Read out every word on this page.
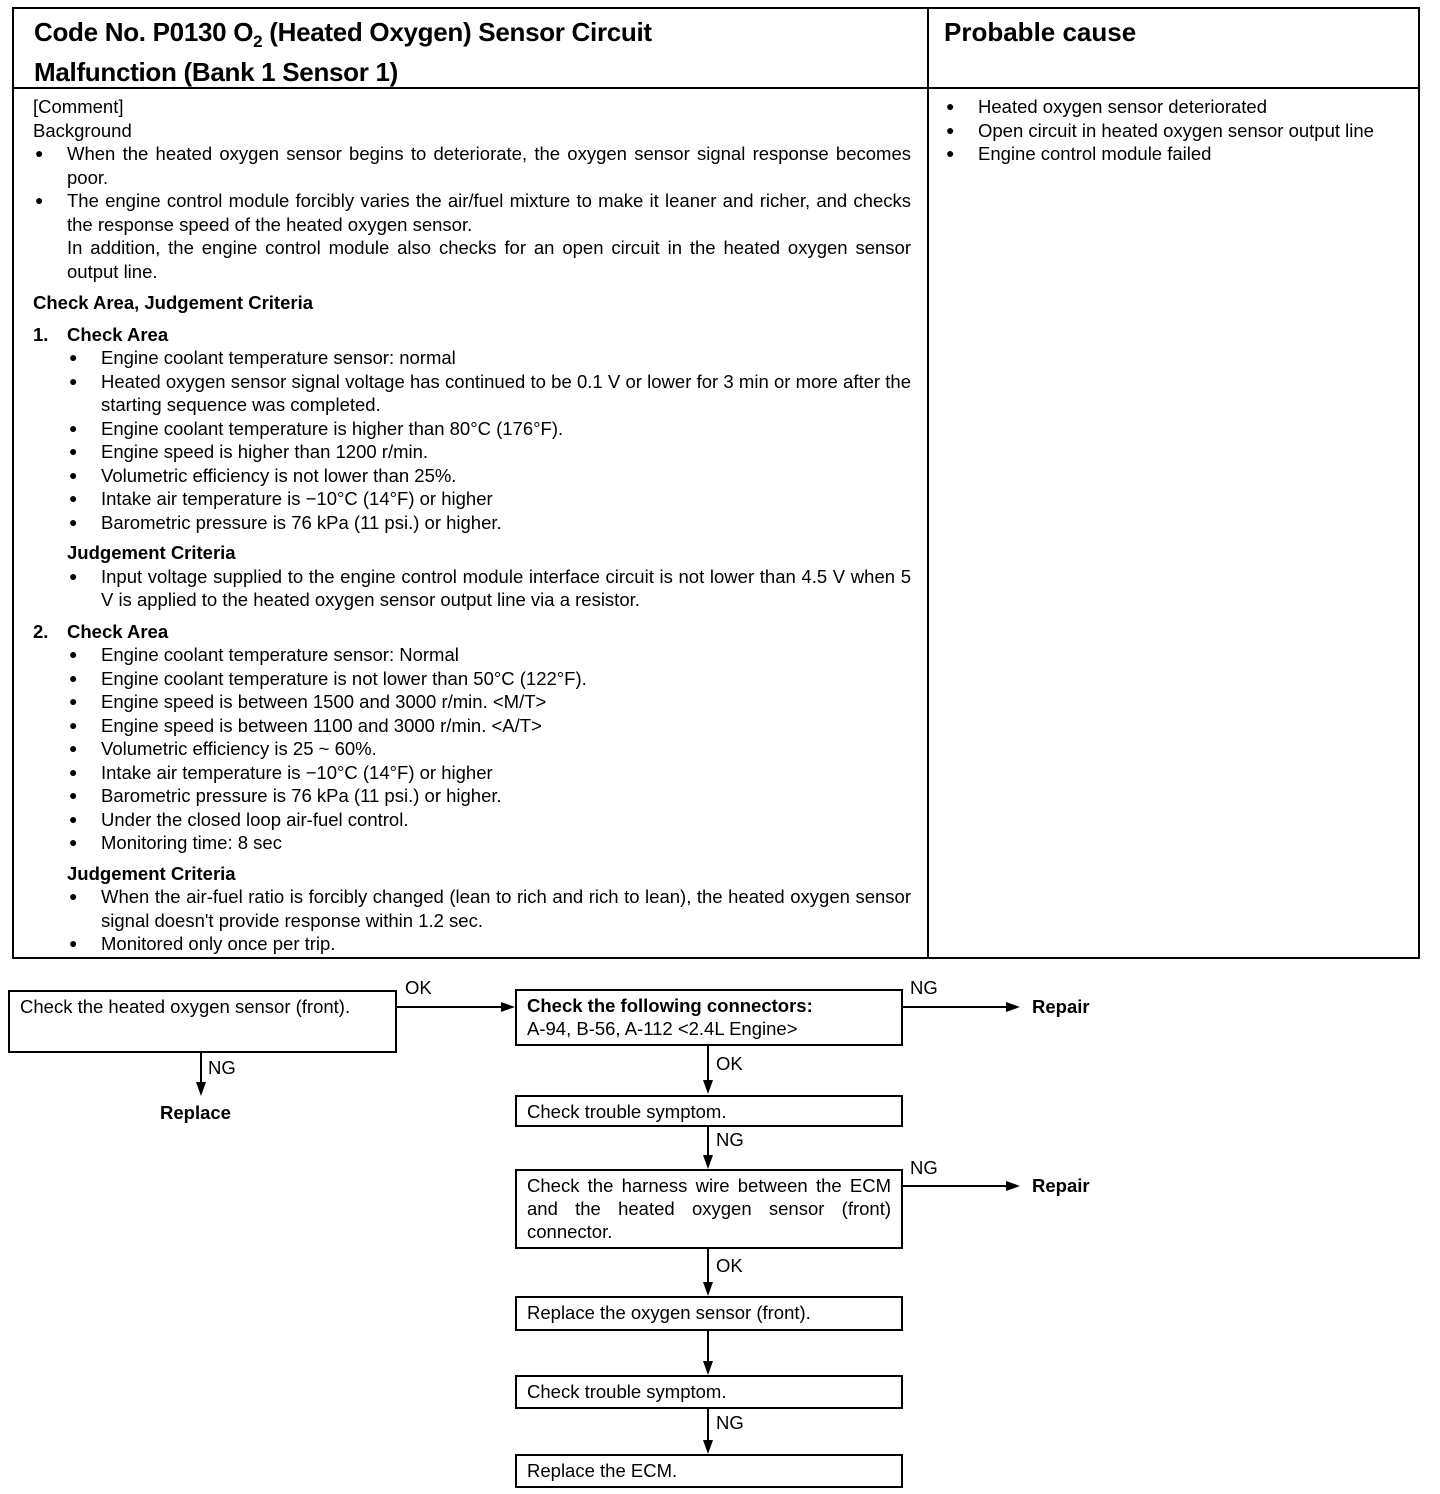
Code No. P0130 $O_2$ (Heated Oxygen) Sensor Circuit
Malfunction (Bank 1 Sensor 1)
Probable cause
[Comment]
Background
● When the heated oxygen sensor begins to deteriorate, the oxygen sensor signal response becomes poor.
● The engine control module forcibly varies the air/fuel mixture to make it leaner and richer, and checks the response speed of the heated oxygen sensor.
In addition, the engine control module also checks for an open circuit in the heated oxygen sensor output line.
Check Area, Judgement Criteria
1. Check Area
● Engine coolant temperature sensor: normal
● Heated oxygen sensor signal voltage has continued to be 0.1 V or lower for 3 min or more after the starting sequence was completed.
● Engine coolant temperature is higher than 80°C (176°F).
● Engine speed is higher than 1200 r/min.
● Volumetric efficiency is not lower than 25%.
● Intake air temperature is −10°C (14°F) or higher
● Barometric pressure is 76 kPa (11 psi.) or higher.
Judgement Criteria
● Input voltage supplied to the engine control module interface circuit is not lower than 4.5 V when 5 V is applied to the heated oxygen sensor output line via a resistor.
2. Check Area
● Engine coolant temperature sensor: Normal
● Engine coolant temperature is not lower than 50°C (122°F).
● Engine speed is between 1500 and 3000 r/min. <M/T>
● Engine speed is between 1100 and 3000 r/min. <A/T>
● Volumetric efficiency is 25 ~ 60%.
● Intake air temperature is −10°C (14°F) or higher
● Barometric pressure is 76 kPa (11 psi.) or higher.
● Under the closed loop air-fuel control.
● Monitoring time: 8 sec
Judgement Criteria
● When the air-fuel ratio is forcibly changed (lean to rich and rich to lean), the heated oxygen sensor signal doesn't provide response within 1.2 sec.
● Monitored only once per trip.
● Heated oxygen sensor deteriorated
● Open circuit in heated oxygen sensor output line
● Engine control module failed
Check the heated oxygen sensor (front).	Check the following connectors:
A-94, B-56, A-112 <2.4L Engine>
Check trouble symptom.
Check the harness wire between the ECM and the heated oxygen sensor (front) connector.
Replace the oxygen sensor (front).
Check trouble symptom.
Replace the ECM.
OK
NG
Replace
NG
Repair
NG
Repair
OK
NG
OK
NG
